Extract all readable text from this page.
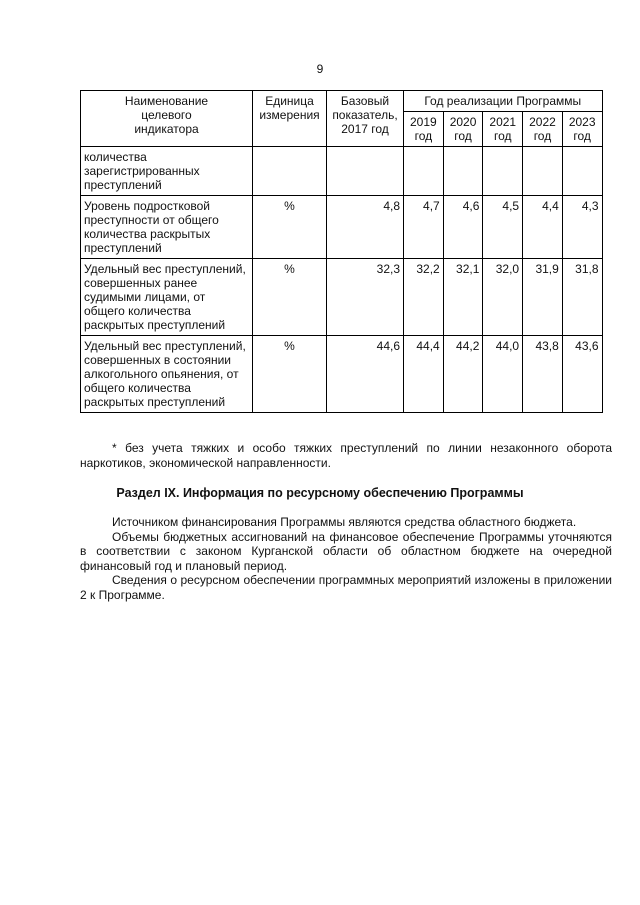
9
Наименование целевого индикатора	Единица измерения	Базовый показатель, 2017 год	Год реализации Программы				
			2019 год	2020 год	2021 год	2022 год	2023 год
количества зарегистрированных преступлений							
Уровень подростковой преступности от общего количества раскрытых преступлений	%	4,8	4,7	4,6	4,5	4,4	4,3
Удельный вес преступлений, совершенных ранее судимыми лицами, от общего количества раскрытых преступлений	%	32,3	32,2	32,1	32,0	31,9	31,8
Удельный вес преступлений, совершенных в состоянии алкогольного опьянения, от общего количества раскрытых преступлений	%	44,6	44,4	44,2	44,0	43,8	43,6
* без учета тяжких и особо тяжких преступлений по линии незаконного оборота наркотиков, экономической направленности.
Раздел IX. Информация по ресурсному обеспечению Программы

Источником финансирования Программы являются средства областного бюджета.

Объемы бюджетных ассигнований на финансовое обеспечение Программы уточняются в соответствии с законом Курганской области об областном бюджете на очередной финансовый год и плановый период.

Сведения о ресурсном обеспечении программных мероприятий изложены в приложении 2 к Программе.
